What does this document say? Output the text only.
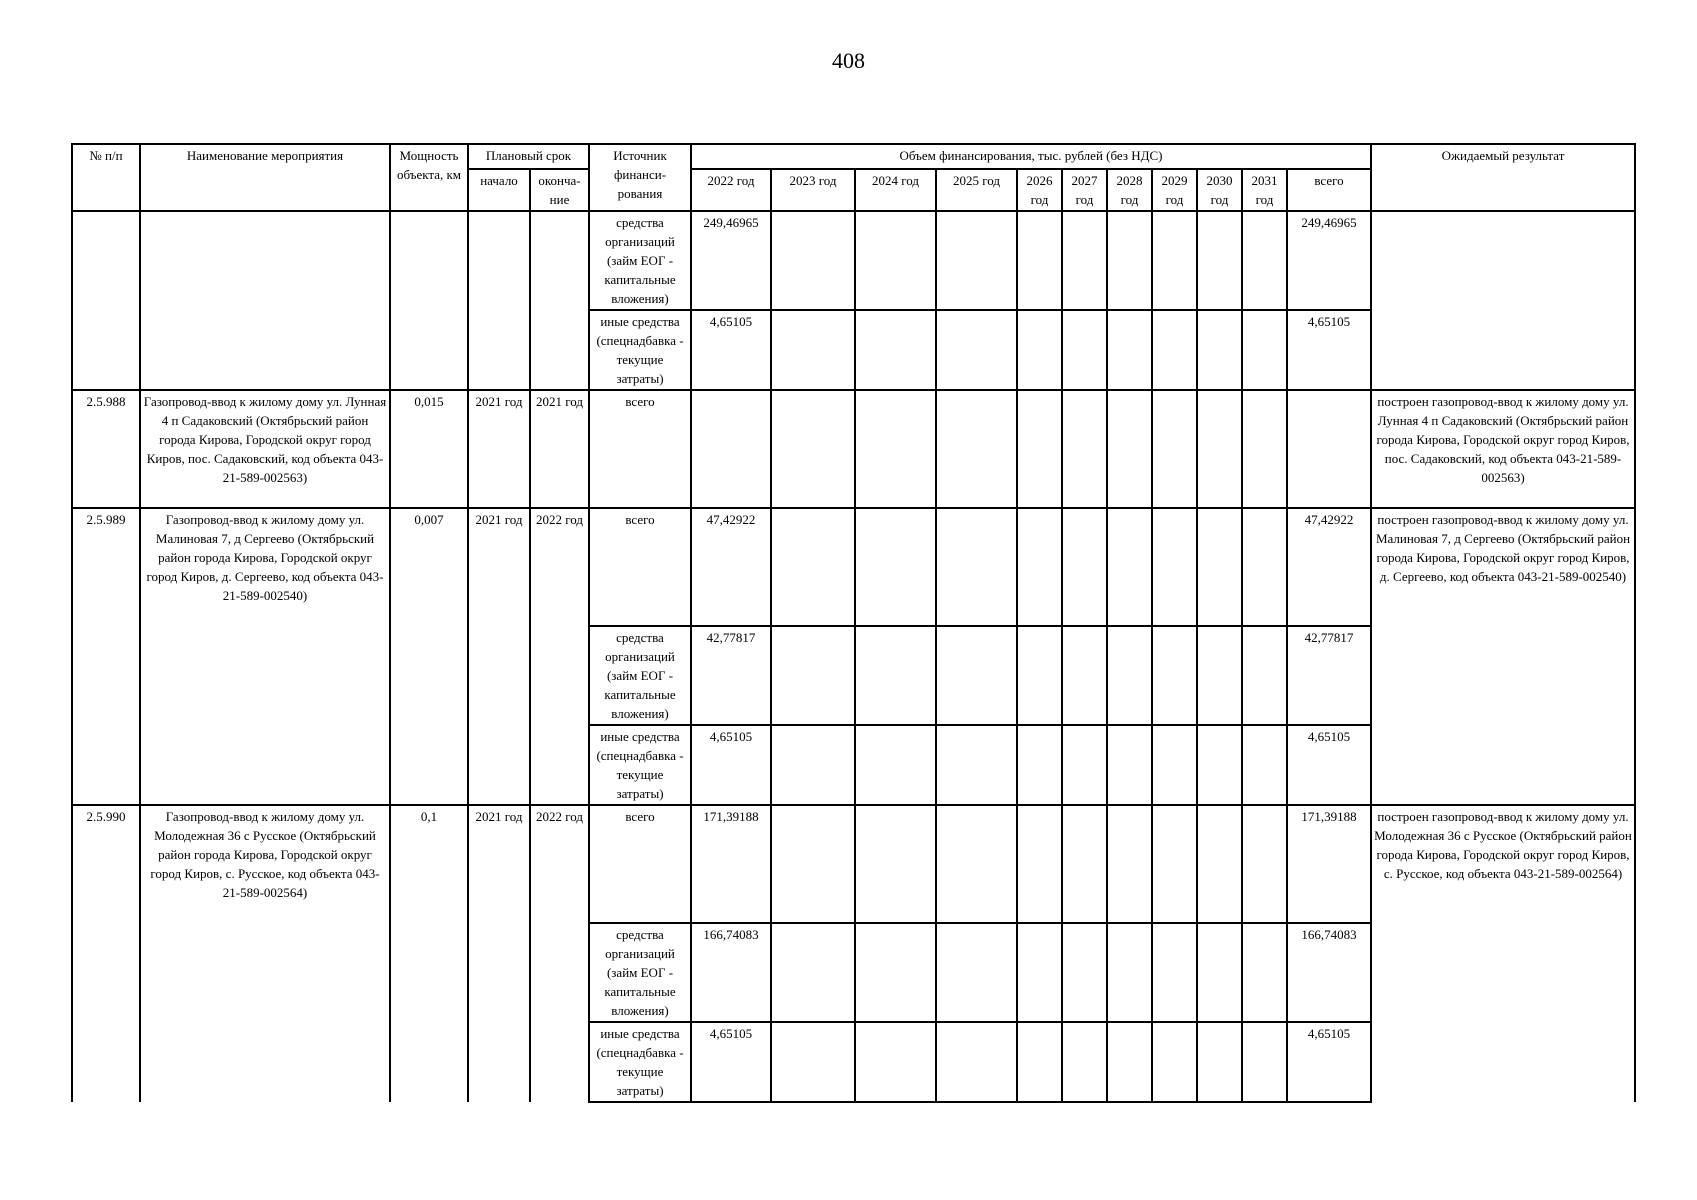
408
№ п/п	Наименование мероприятия	Мощность объекта, км	Плановый срок		Источник финанси-рования	Объем финансирования, тыс. рублей (без НДС)											Ожидаемый результат
			начало	оконча-ние		2022 год	2023 год	2024 год	2025 год	2026 год	2027 год	2028 год	2029 год	2030 год	2031 год	всего	
					средства организаций (займ ЕОГ - капитальные вложения)	249,46965										249,46965	
					иные средства (спецнадбавка - текущие затраты)	4,65105										4,65105	
2.5.988	Газопровод-ввод к жилому дому ул. Лунная 4 п Садаковский (Октябрьский район города Кирова, Городской округ город Киров, пос. Садаковский, код объекта 043-21-589-002563)	0,015	2021 год	2021 год	всего												построен газопровод-ввод к жилому дому ул. Лунная 4 п Садаковский (Октябрьский район города Кирова, Городской округ город Киров, пос. Садаковский, код объекта 043-21-589-002563)
2.5.989	Газопровод-ввод к жилому дому ул. Малиновая 7, д Сергеево (Октябрьский район города Кирова, Городской округ город Киров, д. Сергеево, код объекта 043-21-589-002540)	0,007	2021 год	2022 год	всего	47,42922										47,42922	построен газопровод-ввод к жилому дому ул. Малиновая 7, д Сергеево (Октябрьский район города Кирова, Городской округ город Киров, д. Сергеево, код объекта 043-21-589-002540)
					средства организаций (займ ЕОГ - капитальные вложения)	42,77817										42,77817	
					иные средства (спецнадбавка - текущие затраты)	4,65105										4,65105	
2.5.990	Газопровод-ввод к жилому дому ул. Молодежная 36 с Русское (Октябрьский район города Кирова, Городской округ город Киров, с. Русское, код объекта 043-21-589-002564)	0,1	2021 год	2022 год	всего	171,39188										171,39188	построен газопровод-ввод к жилому дому ул. Молодежная 36 с Русское (Октябрьский район города Кирова, Городской округ город Киров, с. Русское, код объекта 043-21-589-002564)
					средства организаций (займ ЕОГ - капитальные вложения)	166,74083										166,74083	
					иные средства (спецнадбавка - текущие затраты)	4,65105										4,65105	
